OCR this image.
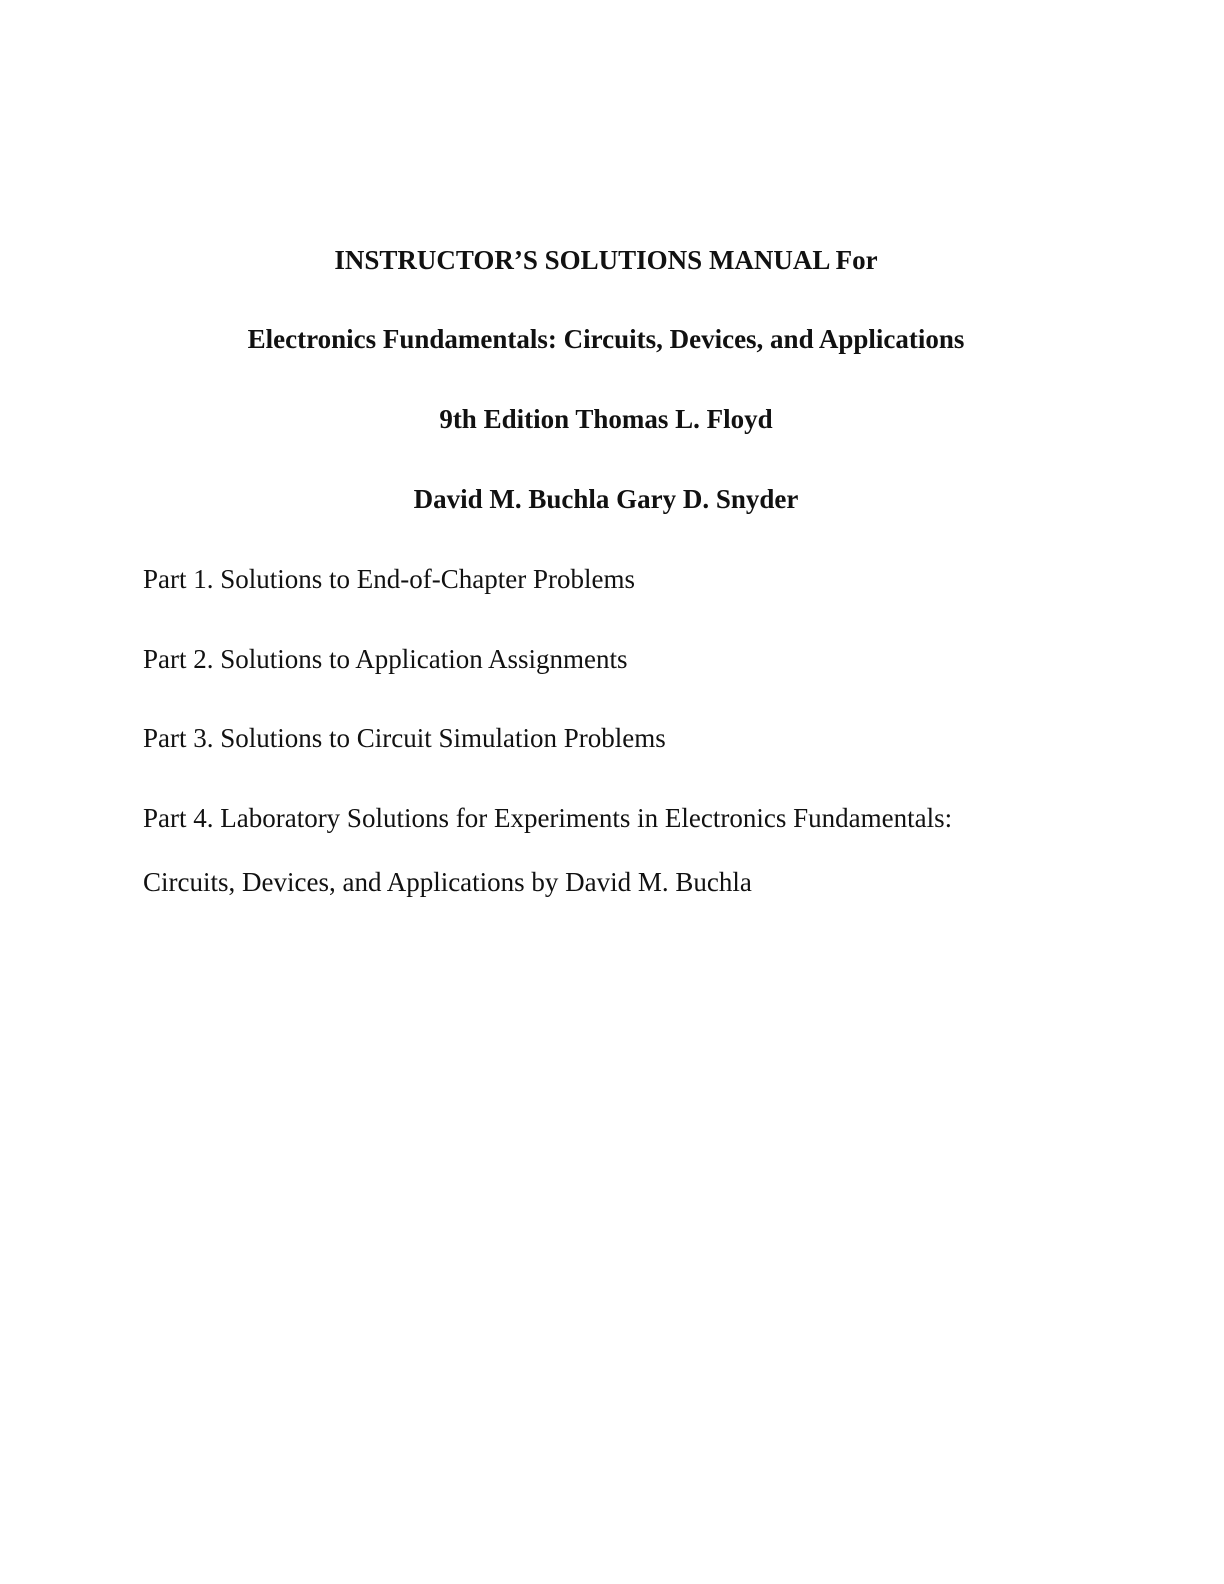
INSTRUCTOR’S SOLUTIONS MANUAL For
Electronics Fundamentals: Circuits, Devices, and Applications
9th Edition Thomas L. Floyd
David M. Buchla Gary D. Snyder
Part 1. Solutions to End-of-Chapter Problems
Part 2. Solutions to Application Assignments
Part 3. Solutions to Circuit Simulation Problems
Part 4. Laboratory Solutions for Experiments in Electronics Fundamentals:
Circuits, Devices, and Applications by David M. Buchla
